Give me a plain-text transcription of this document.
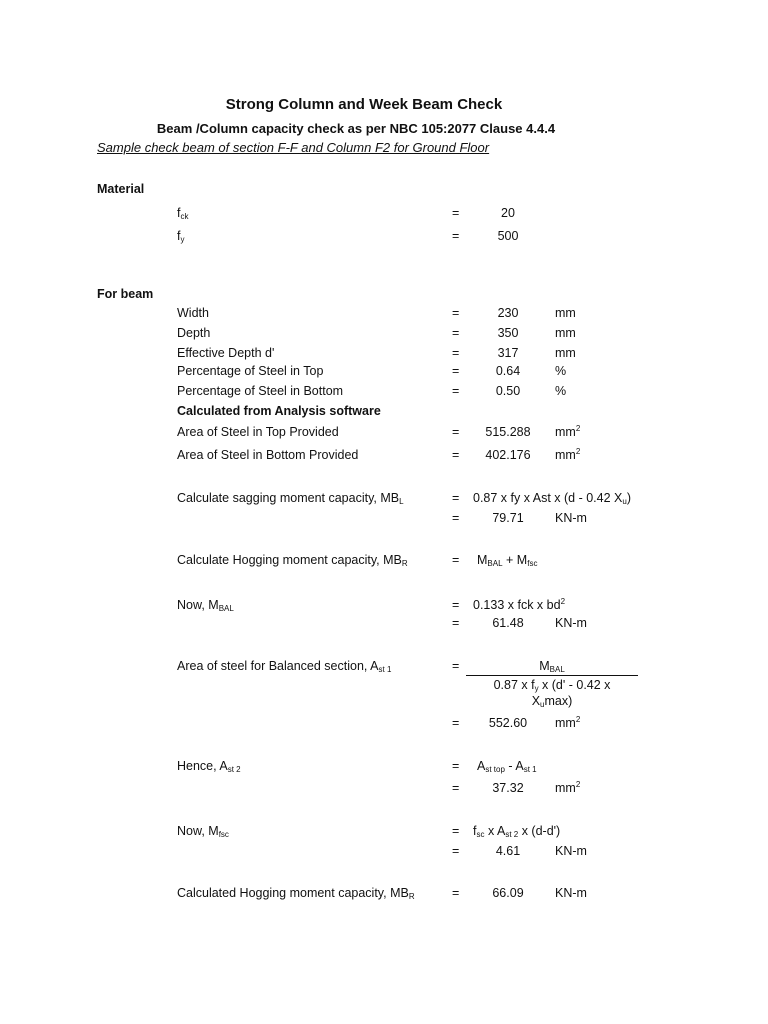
Strong Column and Week Beam Check
Beam /Column capacity check as per NBC 105:2077 Clause 4.4.4
Sample check beam of section F-F and Column F2 for Ground Floor
Material
$f_{ck}$	=	20
$f_y$	=	500
For beam
Width	=	230	mm
Depth	=	350	mm
Effective Depth d'	=	317	mm
Percentage of Steel in Top	=	0.64	%
Percentage of Steel in Bottom	=	0.50	%
Calculated from Analysis software
Area of Steel in Top Provided	=	515.288	$mm^2$
Area of Steel in Bottom Provided	=	402.176	$mm^2$
Calculate sagging moment capacity, $MB_L$	= 0.87 x fy x Ast x (d - 0.42 $X_u$)
=	79.71	KN-m
Calculate Hogging moment capacity, $MB_R$	= $M_{BAL} + M_{fsc}$
Now, $M_{BAL}$	= 0.133 x fck x $bd^2$
=	61.48	KN-m
Area of steel for Balanced section, $A_{st 1}$	=	$M_{BAL}$
0.87 x $f_y$ x (d' - 0.42 x
$X_u\max$)
=	552.60	$mm^2$
Hence, $A_{st 2}$	= $A_{st top} - A_{st 1}$
=	37.32	$mm^2$
Now, $M_{fsc}$	= $f_{sc}$ x $A_{st 2}$ x (d-d')
=	4.61	KN-m
Calculated Hogging moment capacity, $MB_R$	=	66.09	KN-m
